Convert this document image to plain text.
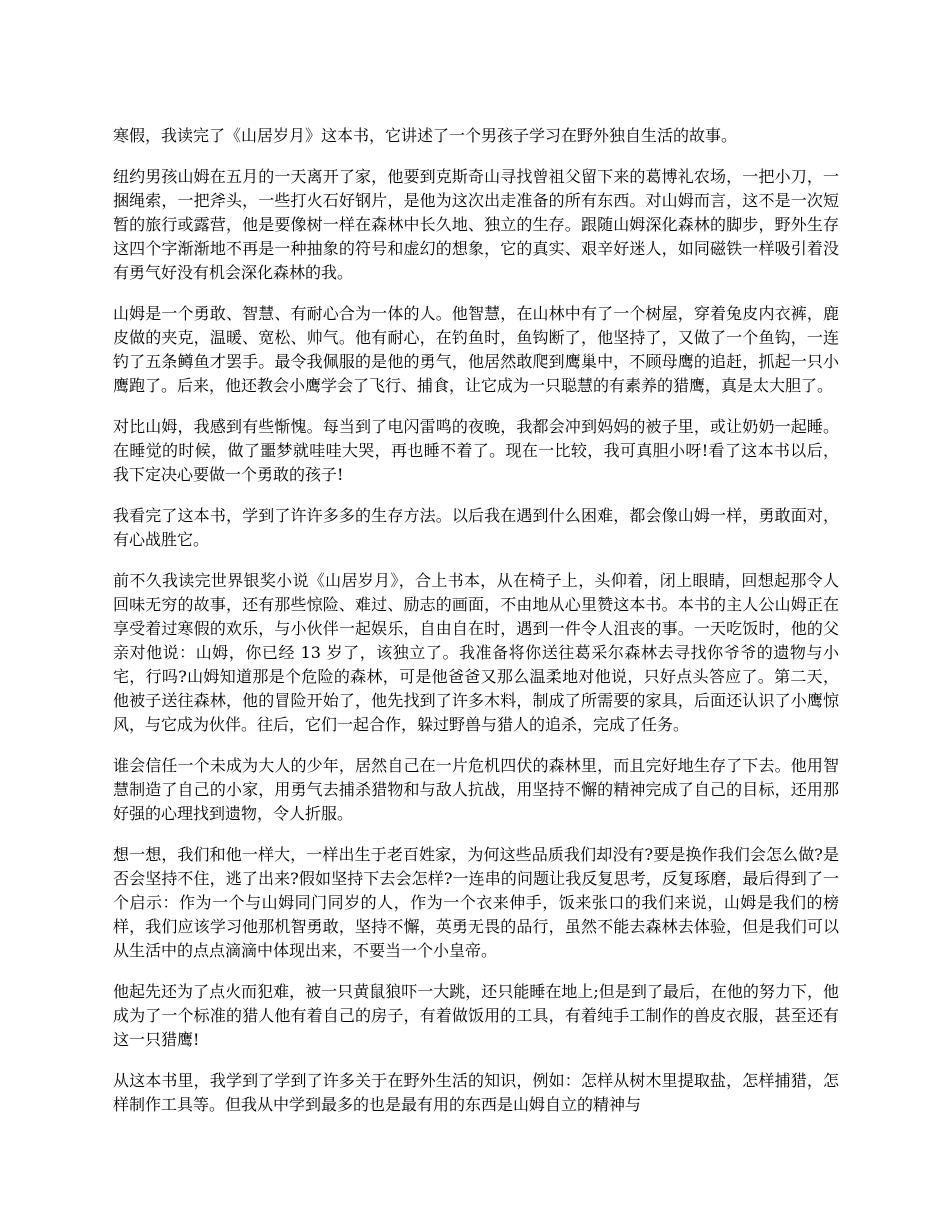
寒假，我读完了《山居岁月》这本书，它讲述了一个男孩子学习在野外独自生活的故事。

纽约男孩山姆在五月的一天离开了家，他要到克斯奇山寻找曾祖父留下来的葛博礼农场，一把小刀，一捆绳索，一把斧头，一些打火石好钢片，是他为这次出走准备的所有东西。对山姆而言，这不是一次短暂的旅行或露营，他是要像树一样在森林中长久地、独立的生存。跟随山姆深化森林的脚步，野外生存这四个字渐渐地不再是一种抽象的符号和虚幻的想象，它的真实、艰辛好迷人，如同磁铁一样吸引着没有勇气好没有机会深化森林的我。

山姆是一个勇敢、智慧、有耐心合为一体的人。他智慧，在山林中有了一个树屋，穿着兔皮内衣裤，鹿皮做的夹克，温暖、宽松、帅气。他有耐心，在钓鱼时，鱼钩断了，他坚持了，又做了一个鱼钩，一连钓了五条鳟鱼才罢手。最令我佩服的是他的勇气，他居然敢爬到鹰巢中，不顾母鹰的追赶，抓起一只小鹰跑了。后来，他还教会小鹰学会了飞行、捕食，让它成为一只聪慧的有素养的猎鹰，真是太大胆了。

对比山姆，我感到有些惭愧。每当到了电闪雷鸣的夜晚，我都会冲到妈妈的被子里，或让奶奶一起睡。在睡觉的时候，做了噩梦就哇哇大哭，再也睡不着了。现在一比较，我可真胆小呀!看了这本书以后，我下定决心要做一个勇敢的孩子!

我看完了这本书，学到了许许多多的生存方法。以后我在遇到什么困难，都会像山姆一样，勇敢面对，有心战胜它。

前不久我读完世界银奖小说《山居岁月》，合上书本，从在椅子上，头仰着，闭上眼睛，回想起那令人回味无穷的故事，还有那些惊险、难过、励志的画面，不由地从心里赞这本书。本书的主人公山姆正在享受着过寒假的欢乐，与小伙伴一起娱乐，自由自在时，遇到一件令人沮丧的事。一天吃饭时，他的父亲对他说：山姆，你已经 13 岁了，该独立了。我准备将你送往葛采尔森林去寻找你爷爷的遗物与小宅，行吗?山姆知道那是个危险的森林，可是他爸爸又那么温柔地对他说，只好点头答应了。第二天，他被子送往森林，他的冒险开始了，他先找到了许多木料，制成了所需要的家具，后面还认识了小鹰惊风，与它成为伙伴。往后，它们一起合作，躲过野兽与猎人的追杀，完成了任务。

谁会信任一个未成为大人的少年，居然自己在一片危机四伏的森林里，而且完好地生存了下去。他用智慧制造了自己的小家，用勇气去捕杀猎物和与敌人抗战，用坚持不懈的精神完成了自己的目标，还用那好强的心理找到遗物，令人折服。

想一想，我们和他一样大，一样出生于老百姓家，为何这些品质我们却没有?要是换作我们会怎么做?是否会坚持不住，逃了出来?假如坚持下去会怎样?一连串的问题让我反复思考，反复琢磨，最后得到了一个启示：作为一个与山姆同门同岁的人，作为一个衣来伸手，饭来张口的我们来说，山姆是我们的榜样，我们应该学习他那机智勇敢，坚持不懈，英勇无畏的品行，虽然不能去森林去体验，但是我们可以从生活中的点点滴滴中体现出来，不要当一个小皇帝。

他起先还为了点火而犯难，被一只黄鼠狼吓一大跳，还只能睡在地上;但是到了最后，在他的努力下，他成为了一个标准的猎人他有着自己的房子，有着做饭用的工具，有着纯手工制作的兽皮衣服，甚至还有这一只猎鹰!

从这本书里，我学到了学到了许多关于在野外生活的知识，例如：怎样从树木里提取盐，怎样捕猎，怎样制作工具等。但我从中学到最多的也是最有用的东西是山姆自立的精神与
